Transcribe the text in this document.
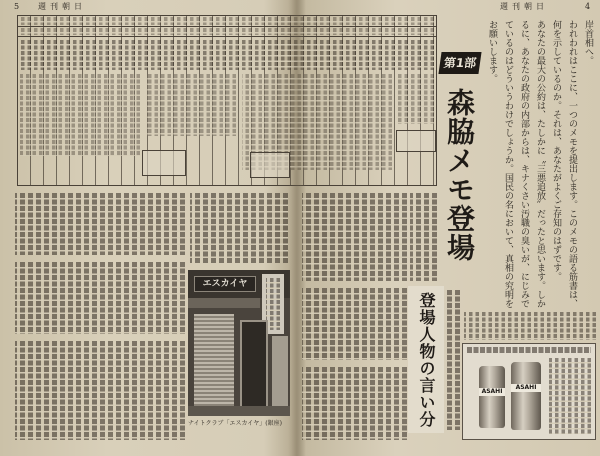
5 週刊朝日	週刊朝日	4
エスカイヤ
ナイトクラブ「エスカイヤ」(銀座)	登場人物の言い分
第1部
森脇メモ登場
岸首相へ。
われわれはここに、一つのメモを提出します。このメモの語る筋書は、何を示しているのか。それは、あなたがよくご存知のはずです。
あなたの最大の公約は、たしかに〝三悪追放〟だったと思います。しかるに、あなたの政府の内部からは、キナくさい汚職の臭いが、にじみでているのはどういうわけでしょうか。国民の名において、真相の究明をお願いします。
ASAHI
ASAHI
